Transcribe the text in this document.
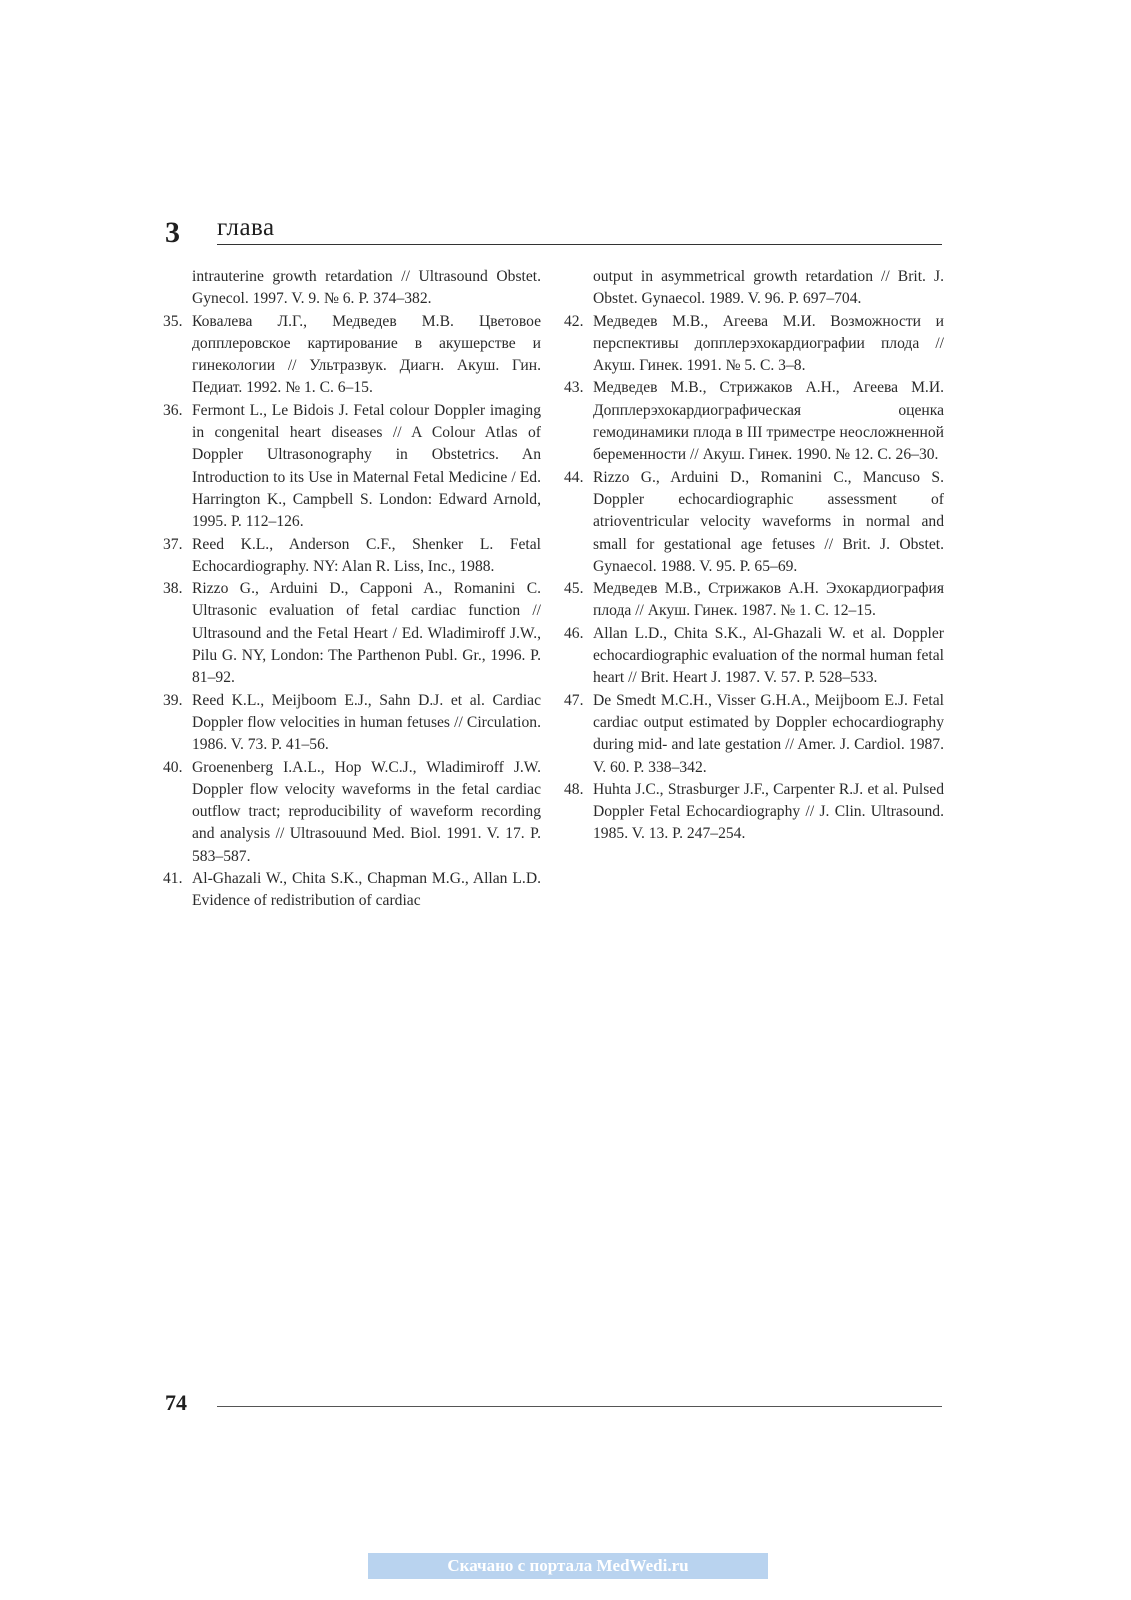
3 глава
intrauterine growth retardation // Ultrasound Obstet. Gynecol. 1997. V. 9. № 6. P. 374–382.
35. Ковалева Л.Г., Медведев М.В. Цветовое допплеровское картирование в акушерстве и гинекологии // Ультразвук. Диагн. Акуш. Гин. Педиат. 1992. № 1. С. 6–15.
36. Fermont L., Le Bidois J. Fetal colour Doppler imaging in congenital heart diseases // A Colour Atlas of Doppler Ultrasonography in Obstetrics. An Introduction to its Use in Maternal Fetal Medicine / Ed. Harrington K., Campbell S. London: Edward Arnold, 1995. P. 112–126.
37. Reed K.L., Anderson C.F., Shenker L. Fetal Echocardiography. NY: Alan R. Liss, Inc., 1988.
38. Rizzo G., Arduini D., Capponi A., Romanini C. Ultrasonic evaluation of fetal cardiac function // Ultrasound and the Fetal Heart / Ed. Wladimiroff J.W., Pilu G. NY, London: The Parthenon Publ. Gr., 1996. P. 81–92.
39. Reed K.L., Meijboom E.J., Sahn D.J. et al. Cardiac Doppler flow velocities in human fetuses // Circulation. 1986. V. 73. P. 41–56.
40. Groenenberg I.A.L., Hop W.C.J., Wladimiroff J.W. Doppler flow velocity waveforms in the fetal cardiac outflow tract; reproducibility of waveform recording and analysis // Ultrasouund Med. Biol. 1991. V. 17. P. 583–587.
41. Al-Ghazali W., Chita S.K., Chapman M.G., Allan L.D. Evidence of redistribution of cardiac
output in asymmetrical growth retardation // Brit. J. Obstet. Gynaecol. 1989. V. 96. P. 697–704.
42. Медведев М.В., Агеева М.И. Возможности и перспективы допплерэхокардиографии плода // Акуш. Гинек. 1991. № 5. С. 3–8.
43. Медведев М.В., Стрижаков А.Н., Агеева М.И. Допплерэхокардиографическая оценка гемодинамики плода в III триместре неосложненной беременности // Акуш. Гинек. 1990. № 12. С. 26–30.
44. Rizzo G., Arduini D., Romanini C., Mancuso S. Doppler echocardiographic assessment of atrioventricular velocity waveforms in normal and small for gestational age fetuses // Brit. J. Obstet. Gynaecol. 1988. V. 95. P. 65–69.
45. Медведев М.В., Стрижаков А.Н. Эхокардиография плода // Акуш. Гинек. 1987. № 1. С. 12–15.
46. Allan L.D., Chita S.K., Al-Ghazali W. et al. Doppler echocardiographic evaluation of the normal human fetal heart // Brit. Heart J. 1987. V. 57. P. 528–533.
47. De Smedt M.C.H., Visser G.H.A., Meijboom E.J. Fetal cardiac output estimated by Doppler echocardiography during mid- and late gestation // Amer. J. Cardiol. 1987. V. 60. P. 338–342.
48. Huhta J.C., Strasburger J.F., Carpenter R.J. et al. Pulsed Doppler Fetal Echocardiography // J. Clin. Ultrasound. 1985. V. 13. P. 247–254.
74
Скачано с портала MedWedi.ru
